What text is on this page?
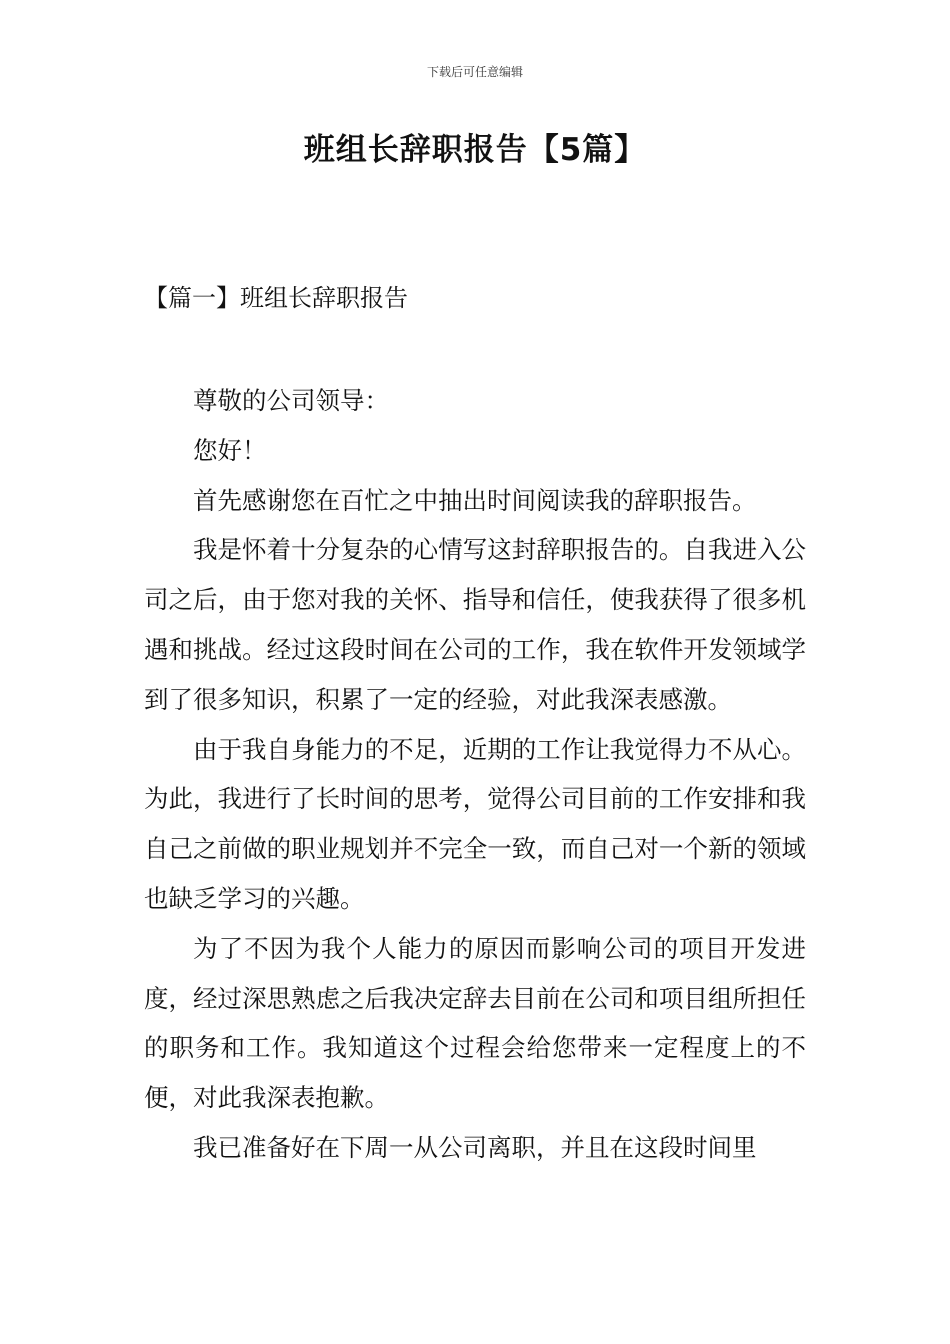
下载后可任意编辑
班组长辞职报告【5篇】
【篇一】班组长辞职报告

尊敬的公司领导：

您好！

首先感谢您在百忙之中抽出时间阅读我的辞职报告。

我是怀着十分复杂的心情写这封辞职报告的。自我进入公司之后，由于您对我的关怀、指导和信任，使我获得了很多机遇和挑战。经过这段时间在公司的工作，我在软件开发领域学到了很多知识，积累了一定的经验，对此我深表感激。

由于我自身能力的不足，近期的工作让我觉得力不从心。为此，我进行了长时间的思考，觉得公司目前的工作安排和我自己之前做的职业规划并不完全一致，而自己对一个新的领域也缺乏学习的兴趣。

为了不因为我个人能力的原因而影响公司的项目开发进度，经过深思熟虑之后我决定辞去目前在公司和项目组所担任的职务和工作。我知道这个过程会给您带来一定程度上的不便，对此我深表抱歉。

我已准备好在下周一从公司离职，并且在这段时间里
